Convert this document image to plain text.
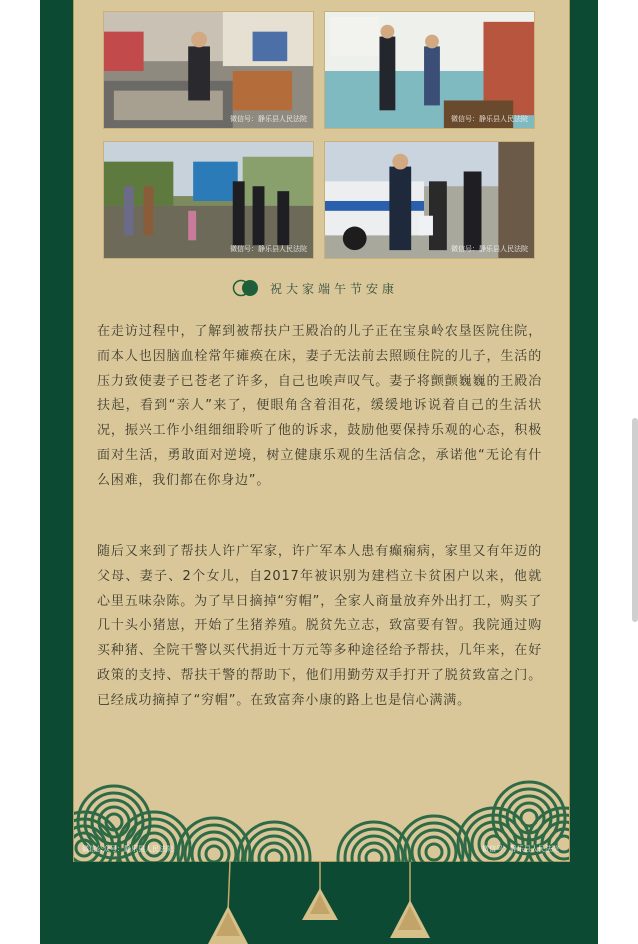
微信号：静乐县人民法院	微信号：静乐县人民法院
微信号：静乐县人民法院	微信号：静乐县人民法院
祝大家端午节安康

在走访过程中，了解到被帮扶户王殿冶的儿子正在宝泉岭农垦医院住院，而本人也因脑血栓常年瘫痪在床，妻子无法前去照顾住院的儿子，生活的压力致使妻子已苍老了许多，自己也唉声叹气。妻子将颤颤巍巍的王殿冶扶起，看到“亲人”来了，便眼角含着泪花，缓缓地诉说着自己的生活状况，振兴工作小组细细聆听了他的诉求，鼓励他要保持乐观的心态，积极面对生活，勇敢面对逆境，树立健康乐观的生活信念，承诺他“无论有什么困难，我们都在你身边”。

随后又来到了帮扶人许广军家，许广军本人患有癫痫病，家里又有年迈的父母、妻子、2个女儿，自2017年被识别为建档立卡贫困户以来，他就心里五味杂陈。为了早日摘掉“穷帽”，全家人商量放弃外出打工，购买了几十头小猪崽，开始了生猪养殖。脱贫先立志，致富要有智。我院通过购买种猪、全院干警以买代捐近十万元等多种途径给予帮扶，几年来，在好政策的支持、帮扶干警的帮助下，他们用勤劳双手打开了脱贫致富之门。已经成功摘掉了“穷帽”。在致富奔小康的路上也是信心满满。

微信公众号：静乐县人民法院	微信号：静乐县人民法院
